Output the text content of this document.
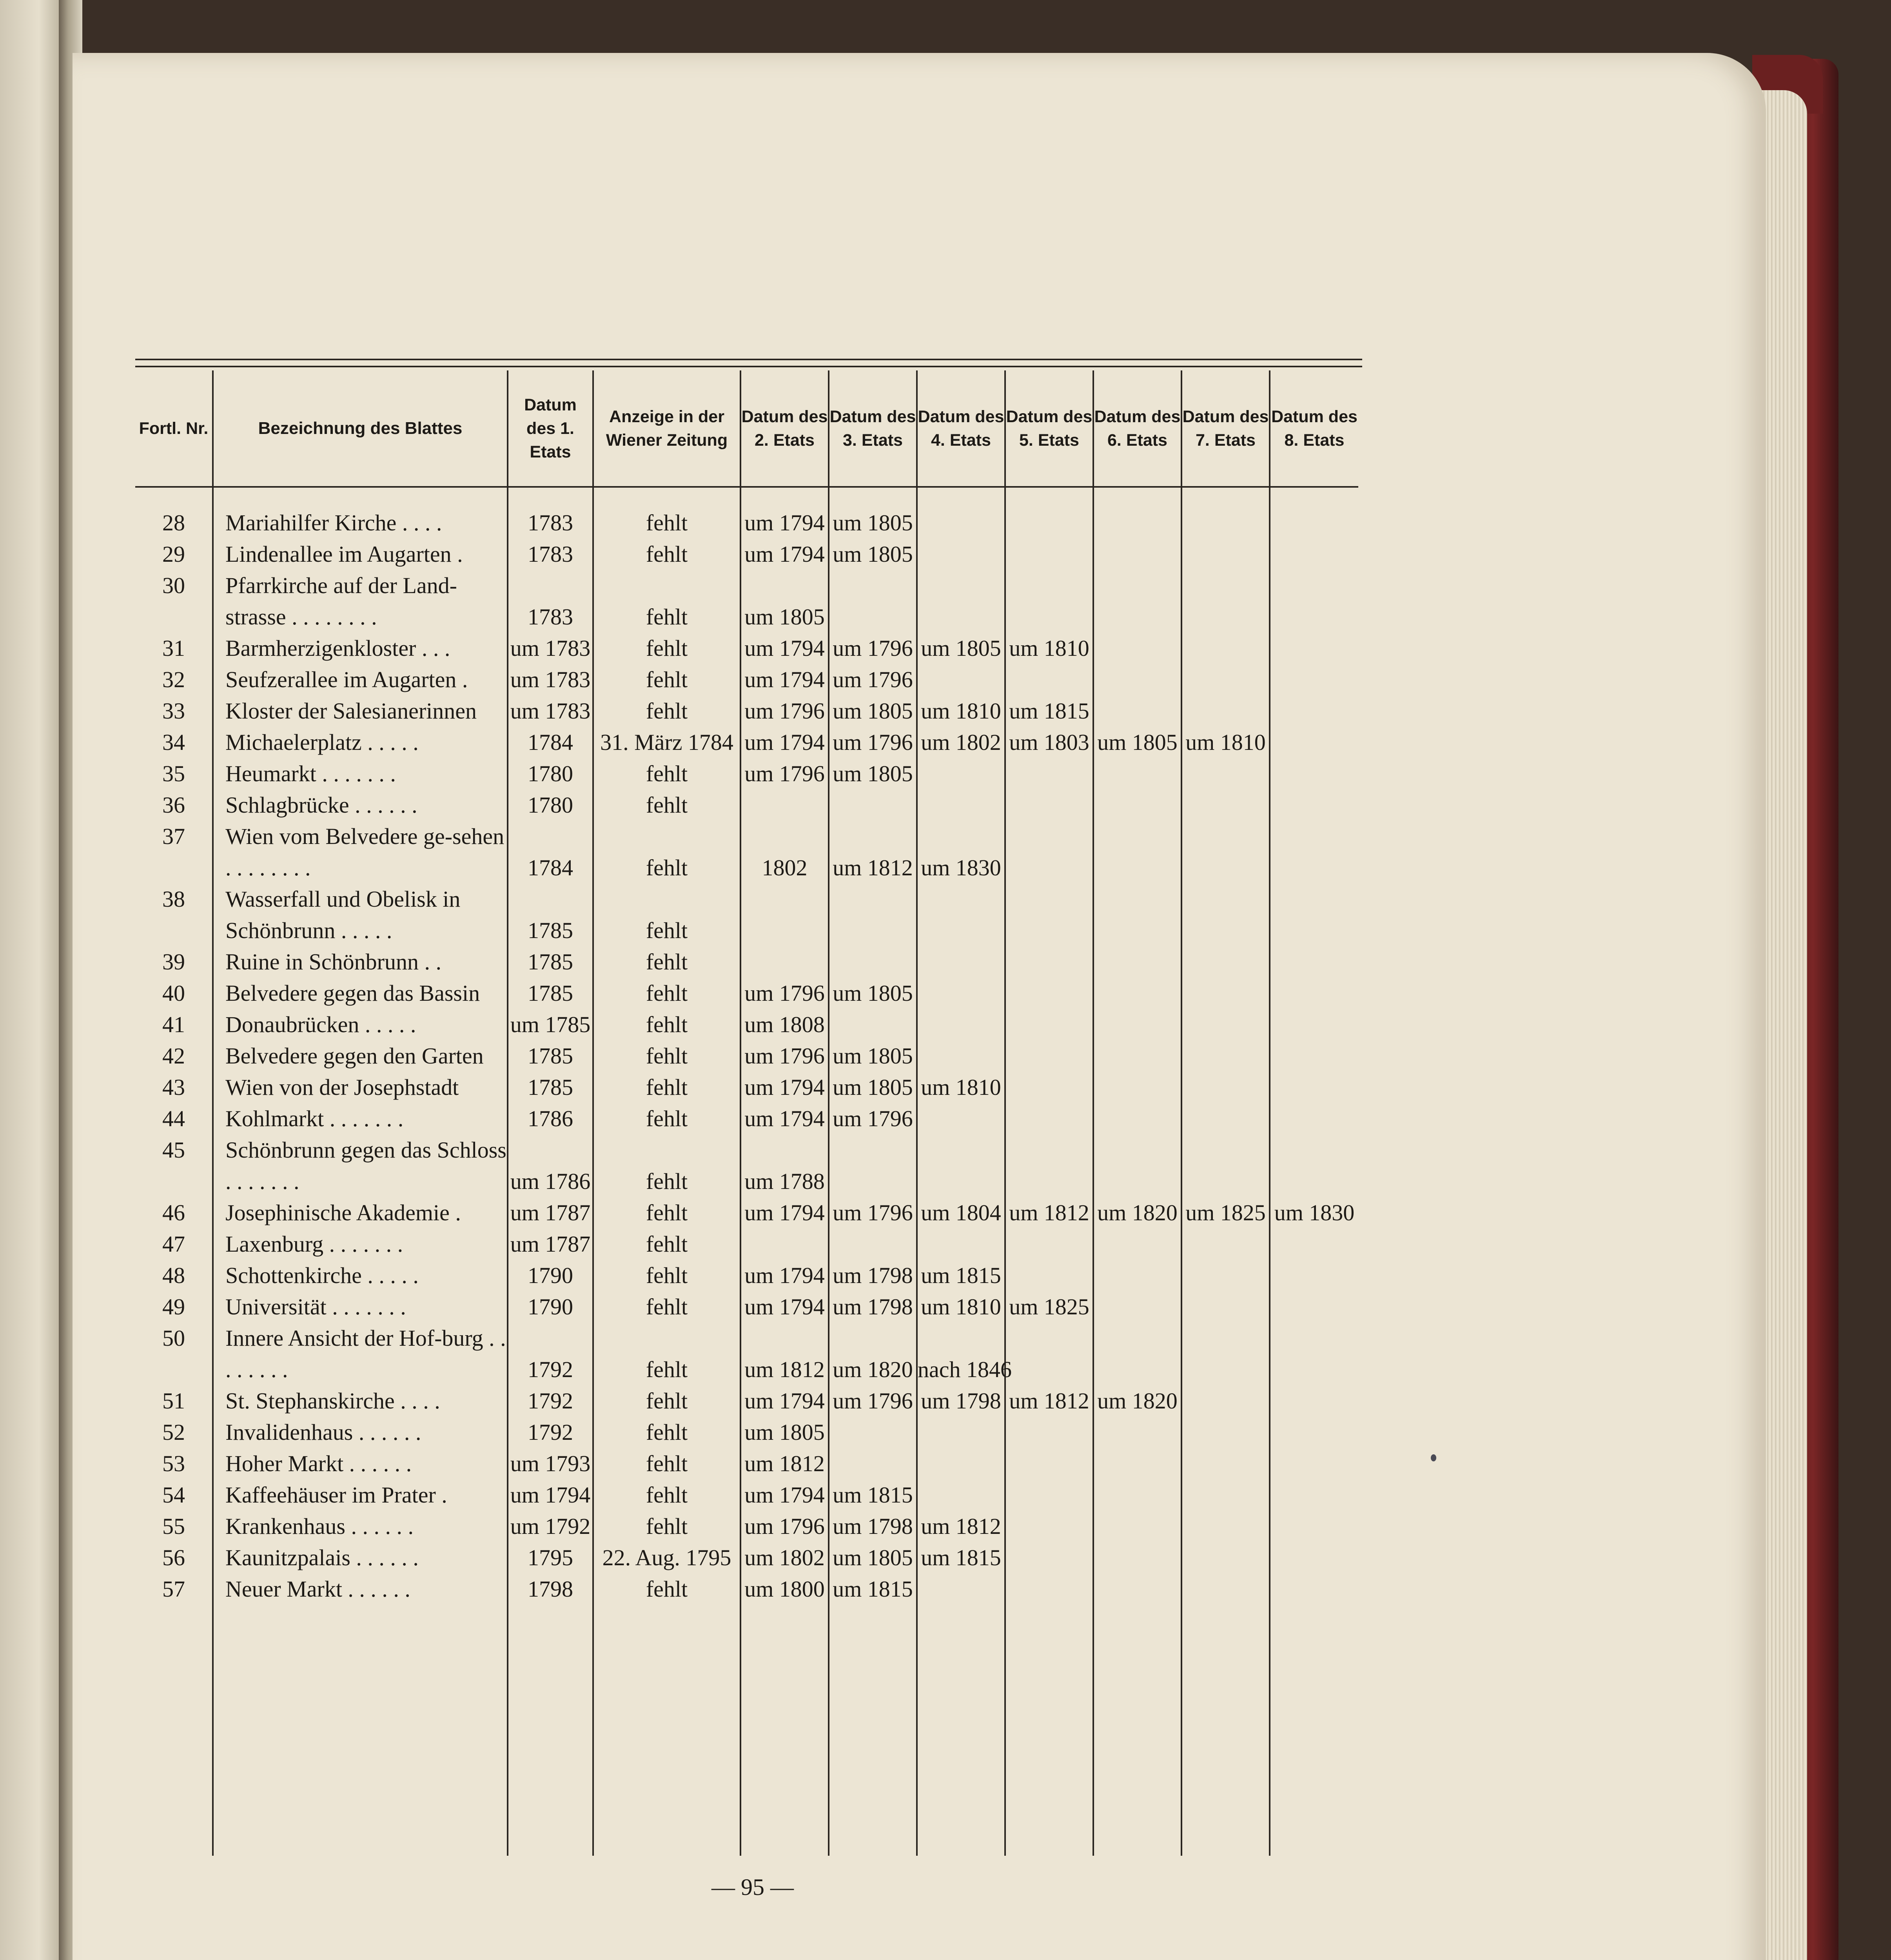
Fortl. Nr.	Bezeichnung des Blattes	Datum des 1. Etats	Anzeige in der Wiener Zeitung	Datum des 2. Etats	Datum des 3. Etats	Datum des 4. Etats	Datum des 5. Etats	Datum des 6. Etats	Datum des 7. Etats	Datum des 8. Etats

28	Mariahilfer Kirche . . . .	1783	fehlt	um 1794	um 1805					
29	Lindenallee im Augarten .	1783	fehlt	um 1794	um 1805					
30	Pfarrkirche auf der Land-strasse . . . . . . . .	1783	fehlt	um 1805						
31	Barmherzigenkloster . . .	um 1783	fehlt	um 1794	um 1796	um 1805	um 1810			
32	Seufzerallee im Augarten .	um 1783	fehlt	um 1794	um 1796					
33	Kloster der Salesianerinnen	um 1783	fehlt	um 1796	um 1805	um 1810	um 1815			
34	Michaelerplatz . . . . .	1784	31. März 1784	um 1794	um 1796	um 1802	um 1803	um 1805	um 1810	
35	Heumarkt . . . . . . .	1780	fehlt	um 1796	um 1805					
36	Schlagbrücke . . . . . .	1780	fehlt							
37	Wien vom Belvedere ge-sehen . . . . . . . .	1784	fehlt	1802	um 1812	um 1830				
38	Wasserfall und Obelisk in Schönbrunn . . . . .	1785	fehlt							
39	Ruine in Schönbrunn . .	1785	fehlt							
40	Belvedere gegen das Bassin	1785	fehlt	um 1796	um 1805					
41	Donaubrücken . . . . .	um 1785	fehlt	um 1808						
42	Belvedere gegen den Garten	1785	fehlt	um 1796	um 1805					
43	Wien von der Josephstadt	1785	fehlt	um 1794	um 1805	um 1810				
44	Kohlmarkt . . . . . . .	1786	fehlt	um 1794	um 1796					
45	Schönbrunn gegen das Schloss . . . . . . .	um 1786	fehlt	um 1788						
46	Josephinische Akademie .	um 1787	fehlt	um 1794	um 1796	um 1804	um 1812	um 1820	um 1825	um 1830
47	Laxenburg . . . . . . .	um 1787	fehlt							
48	Schottenkirche . . . . .	1790	fehlt	um 1794	um 1798	um 1815				
49	Universität . . . . . . .	1790	fehlt	um 1794	um 1798	um 1810	um 1825			
50	Innere Ansicht der Hof-burg . . . . . . . .	1792	fehlt	um 1812	um 1820	nach 1846				
51	St. Stephanskirche . . . .	1792	fehlt	um 1794	um 1796	um 1798	um 1812	um 1820		
52	Invalidenhaus . . . . . .	1792	fehlt	um 1805						
53	Hoher Markt . . . . . .	um 1793	fehlt	um 1812						
54	Kaffeehäuser im Prater .	um 1794	fehlt	um 1794	um 1815					
55	Krankenhaus . . . . . .	um 1792	fehlt	um 1796	um 1798	um 1812				
56	Kaunitzpalais . . . . . .	1795	22. Aug. 1795	um 1802	um 1805	um 1815				
57	Neuer Markt . . . . . .	1798	fehlt	um 1800	um 1815					

— 95 —
